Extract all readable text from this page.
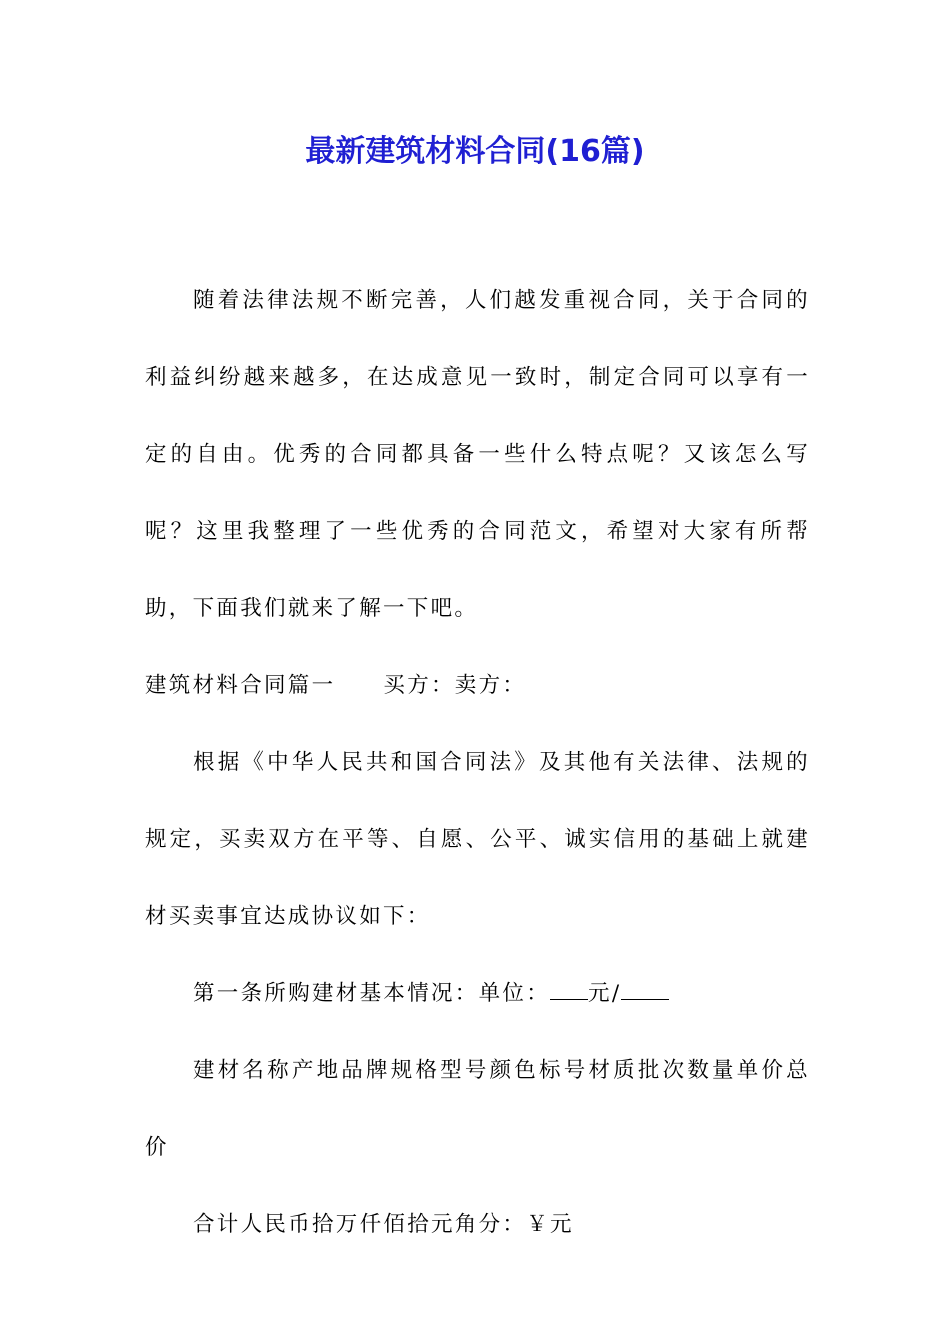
最新建筑材料合同(16篇)

随着法律法规不断完善，人们越发重视合同，关于合同的利益纠纷越来越多，在达成意见一致时，制定合同可以享有一定的自由。优秀的合同都具备一些什么特点呢？又该怎么写呢？这里我整理了一些优秀的合同范文，希望对大家有所帮助，下面我们就来了解一下吧。

建筑材料合同篇一 买方：卖方：

根据《中华人民共和国合同法》及其他有关法律、法规的规定，买卖双方在平等、自愿、公平、诚实信用的基础上就建材买卖事宜达成协议如下：

第一条所购建材基本情况：单位： 元/

建材名称产地品牌规格型号颜色标号材质批次数量单价总价

合计人民币拾万仟佰拾元角分：￥元
